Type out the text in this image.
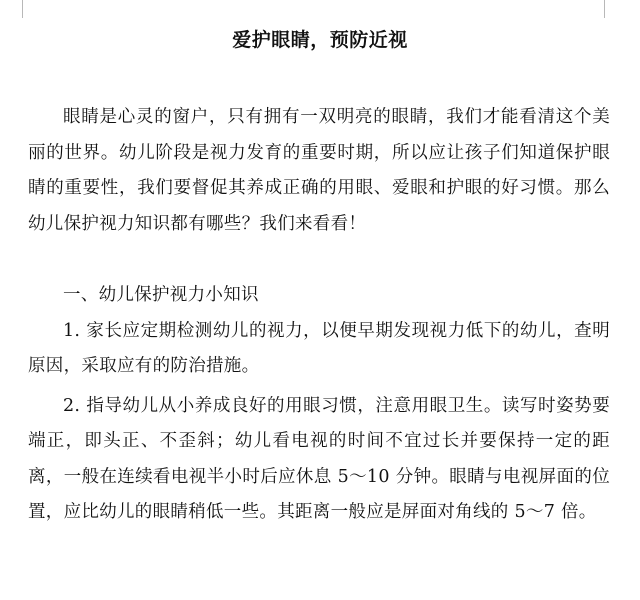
爱护眼睛，预防近视

眼睛是心灵的窗户，只有拥有一双明亮的眼睛，我们才能看清这个美丽的世界。幼儿阶段是视力发育的重要时期，所以应让孩子们知道保护眼睛的重要性，我们要督促其养成正确的用眼、爱眼和护眼的好习惯。那么幼儿保护视力知识都有哪些？我们来看看！

一、幼儿保护视力小知识

1. 家长应定期检测幼儿的视力，以便早期发现视力低下的幼儿，查明原因，采取应有的防治措施。

2. 指导幼儿从小养成良好的用眼习惯，注意用眼卫生。读写时姿势要端正，即头正、不歪斜；幼儿看电视的时间不宜过长并要保持一定的距离，一般在连续看电视半小时后应休息 5～10 分钟。眼睛与电视屏面的位置，应比幼儿的眼睛稍低一些。其距离一般应是屏面对角线的 5～7 倍。
